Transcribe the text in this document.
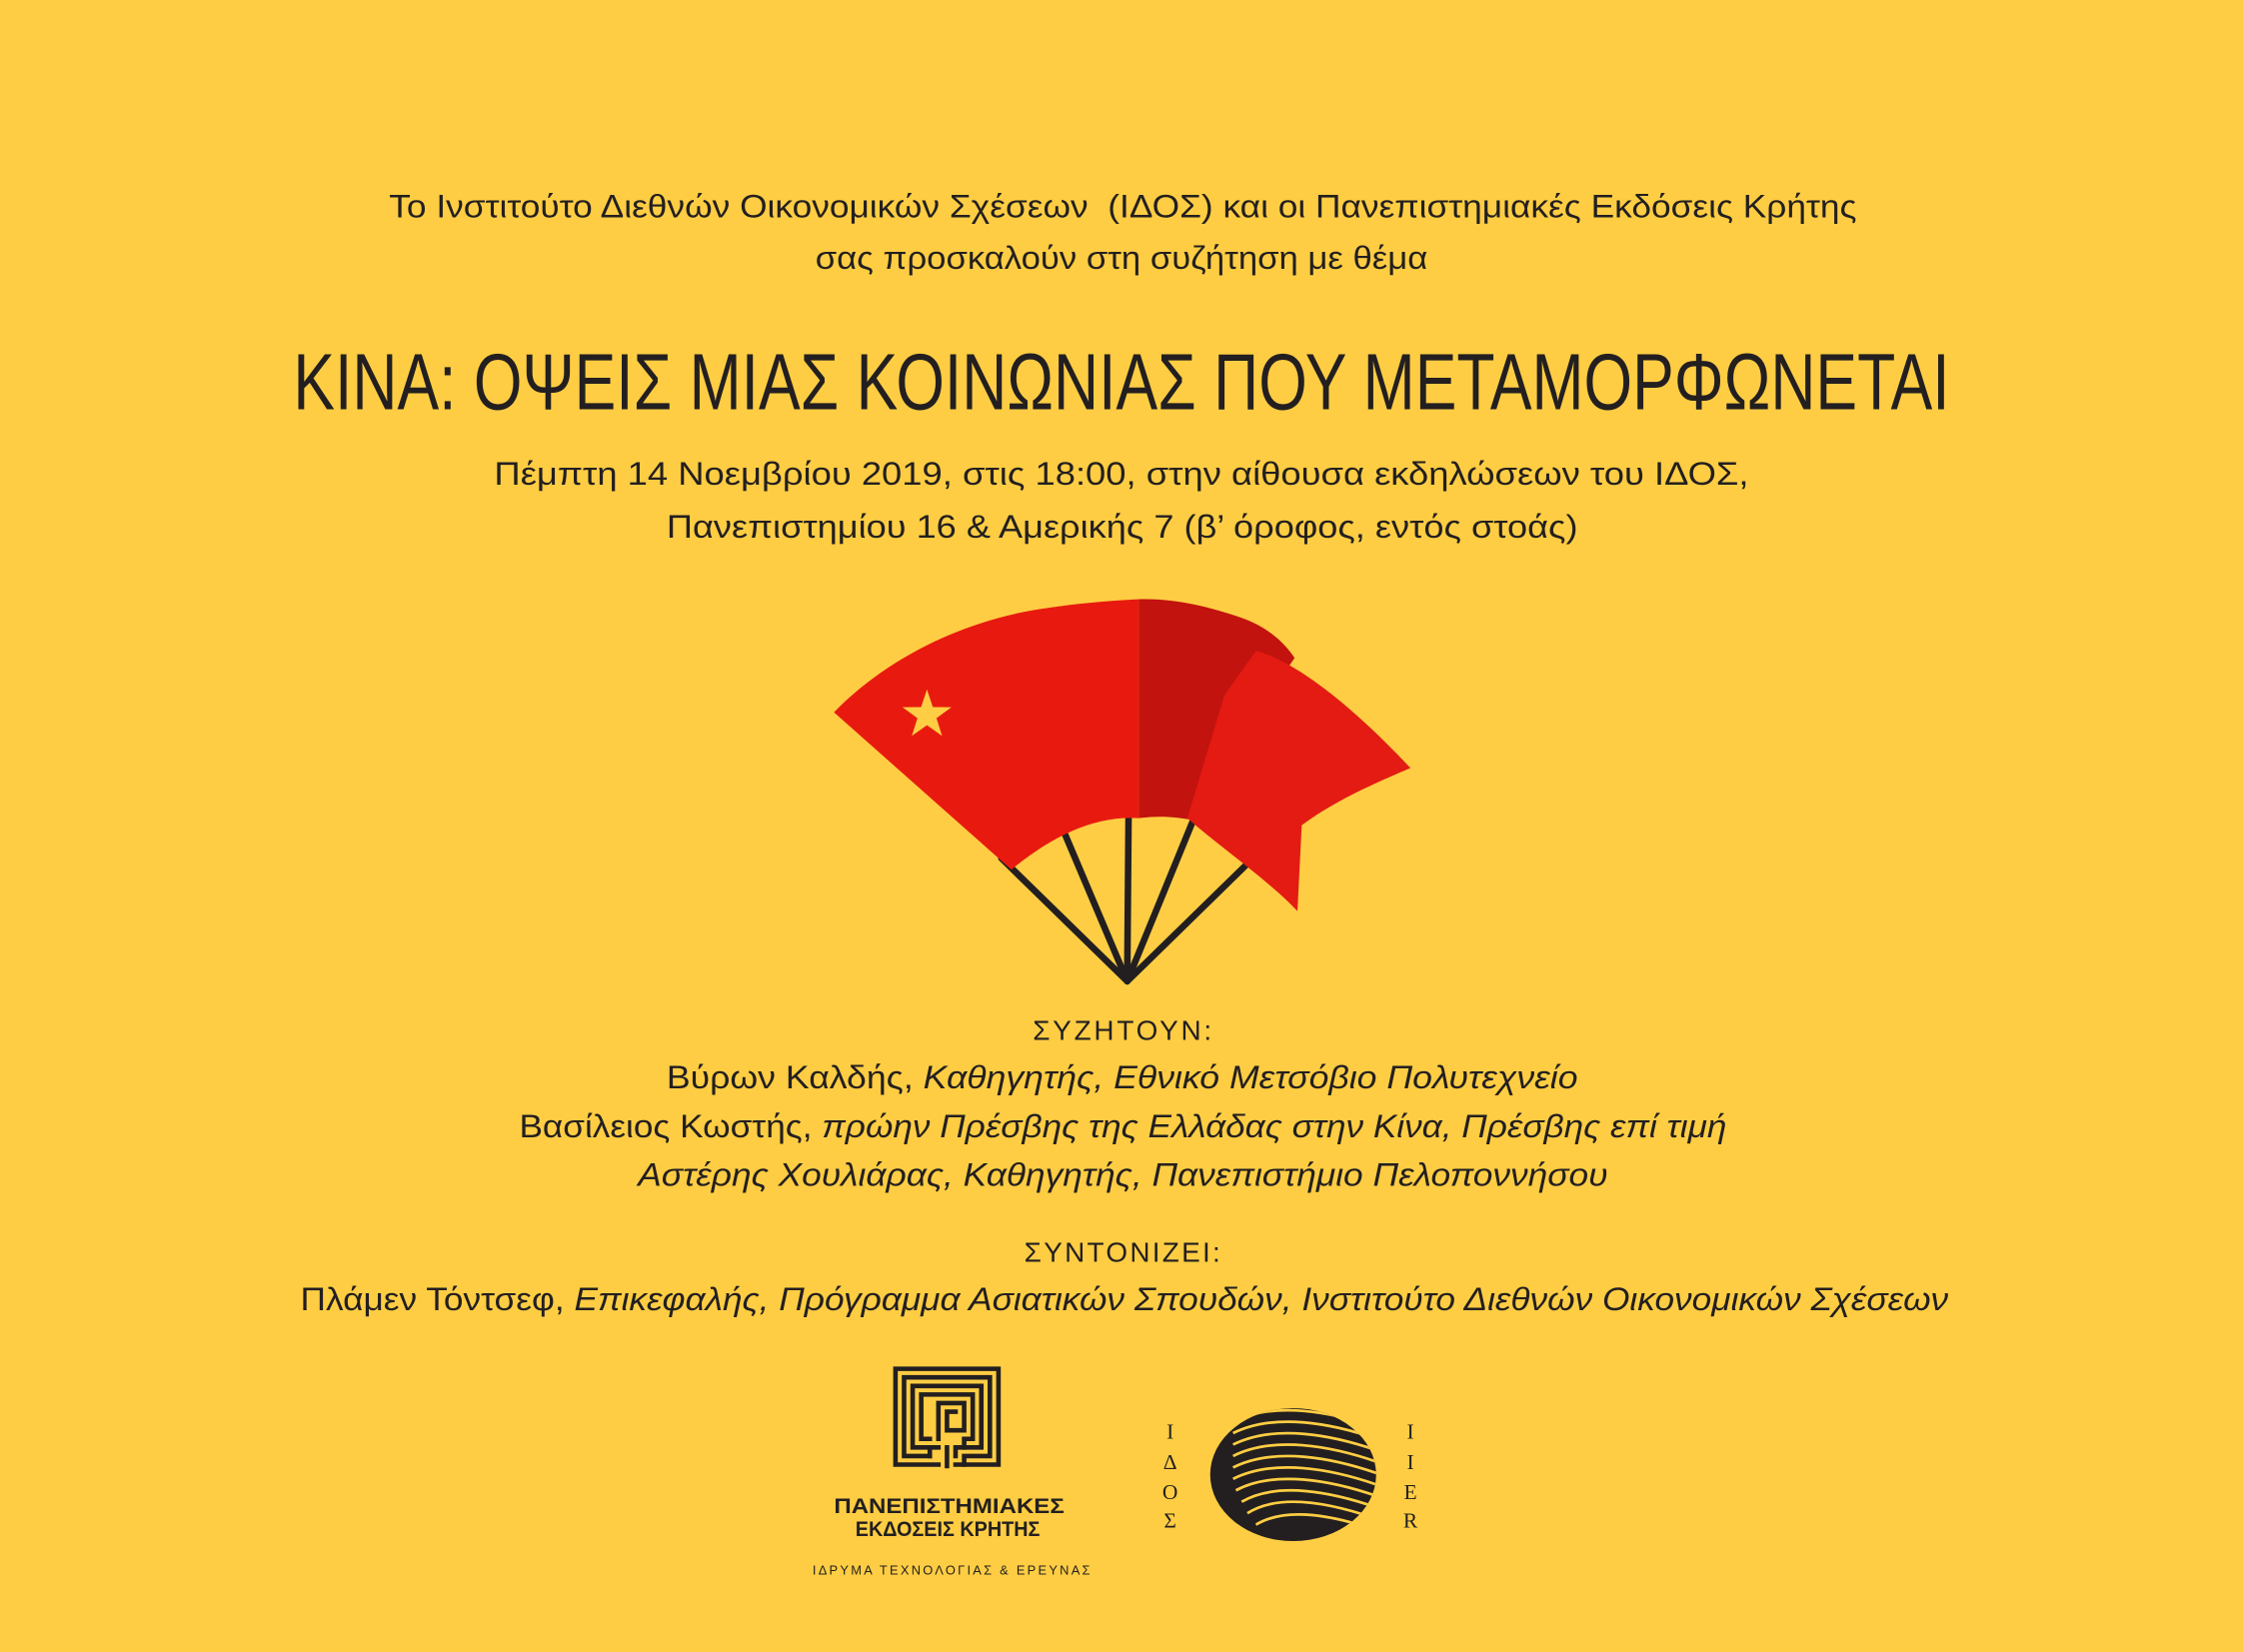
Το Ινστιτούτο Διεθνών Οικονομικών Σχέσεων  (ΙΔΟΣ) και οι Πανεπιστημιακές Εκδόσεις Κρήτης
σας προσκαλούν στη συζήτηση με θέμα
ΚΙΝΑ: ΟΨΕΙΣ ΜΙΑΣ ΚΟΙΝΩΝΙΑΣ ΠΟΥ ΜΕΤΑΜΟΡΦΩΝΕΤΑΙ
Πέμπτη 14 Νοεμβρίου 2019, στις 18:00, στην αίθουσα εκδηλώσεων του ΙΔΟΣ,
Πανεπιστημίου 16 & Αμερικής 7 (β’ όροφος, εντός στοάς)
ΣΥΖΗΤΟΥΝ:
Βύρων Καλδής, Καθηγητής, Εθνικό Μετσόβιο Πολυτεχνείο
Βασίλειος Κωστής, πρώην Πρέσβης της Ελλάδας στην Κίνα, Πρέσβης επί τιμή
Αστέρης Χουλιάρας, Καθηγητής, Πανεπιστήμιο Πελοποννήσου
ΣΥΝΤΟΝΙΖΕΙ:
Πλάμεν Τόντσεφ, Επικεφαλής, Πρόγραμμα Ασιατικών Σπουδών, Ινστιτούτο Διεθνών Οικονομικών Σχέσεων
ΠΑΝΕΠΙΣΤΗΜΙΑΚΕΣ
ΕΚΔΟΣΕΙΣ ΚΡΗΤΗΣ
ΙΔΡΥΜΑ ΤΕΧΝΟΛΟΓΙΑΣ & ΕΡΕΥΝΑΣ
Ι
Δ
Ο
Σ
I
I
E
R
